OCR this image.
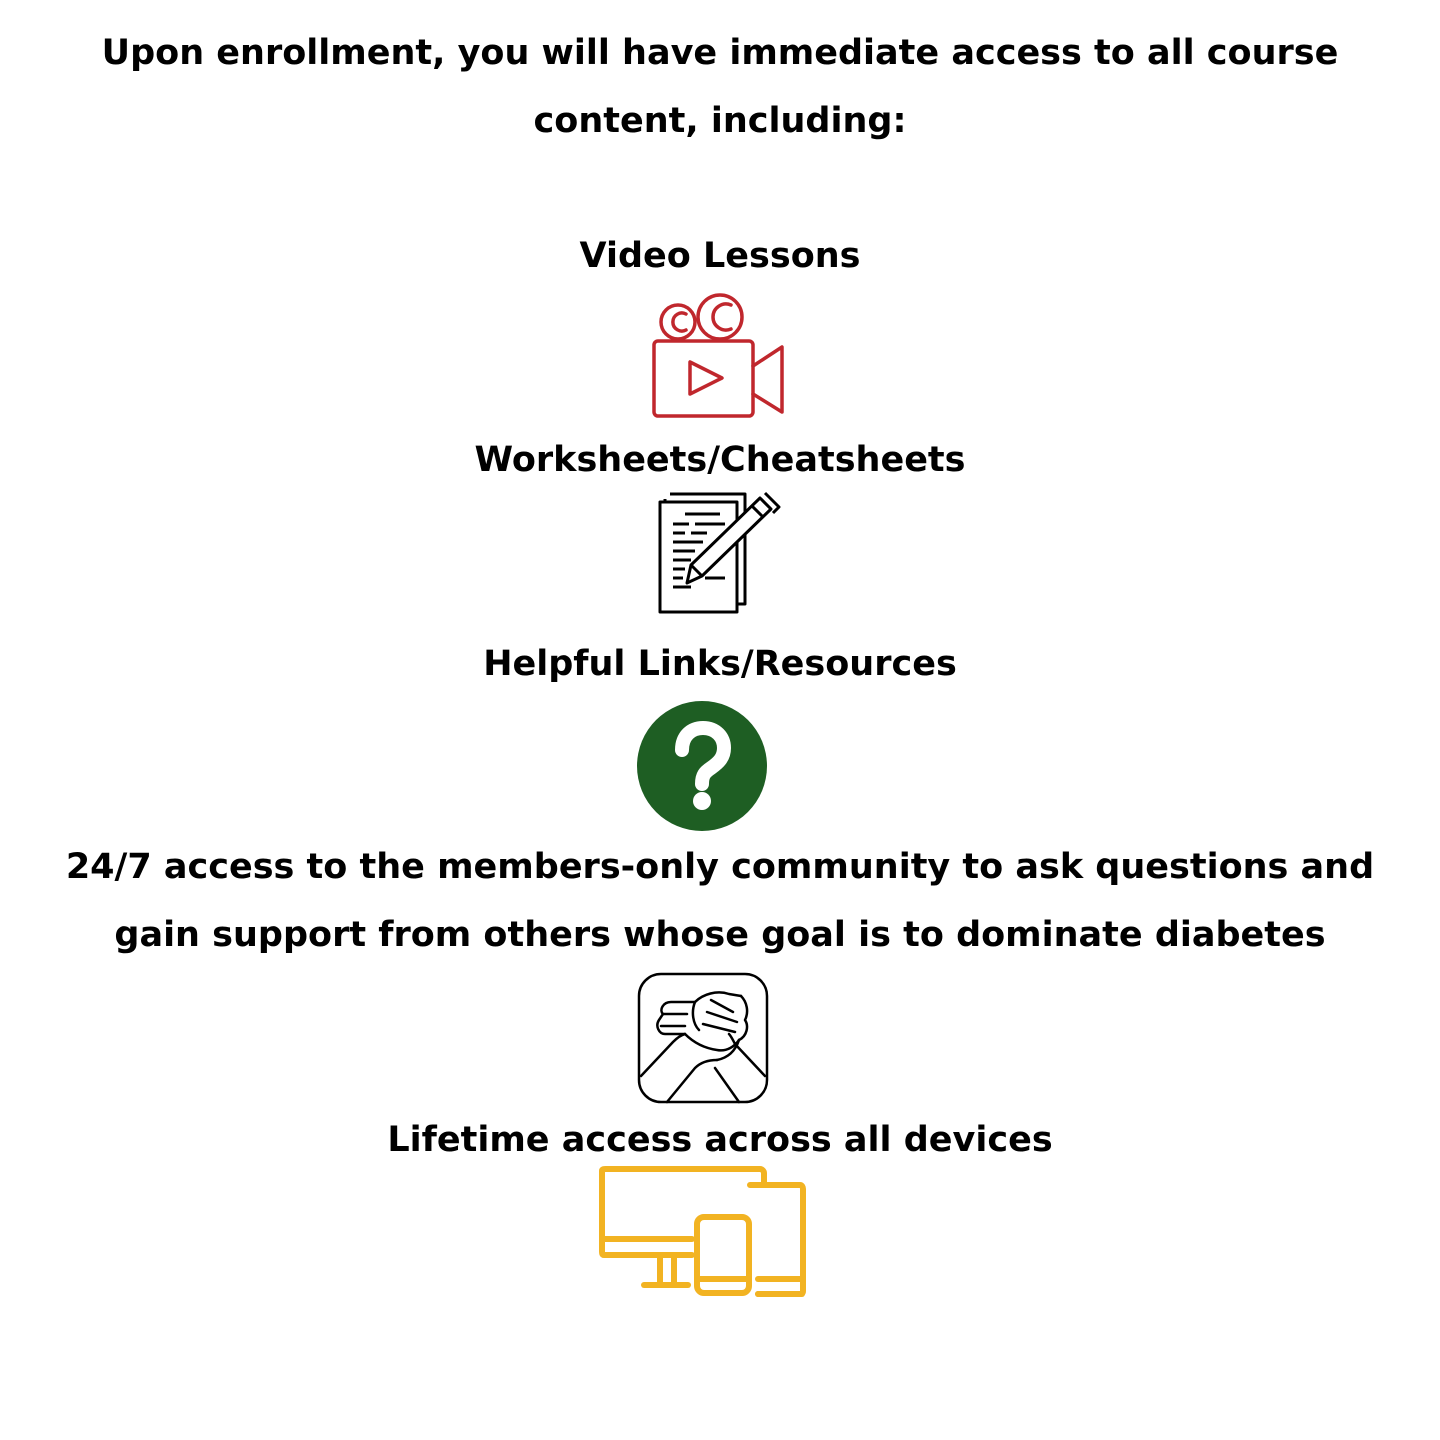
Upon enrollment, you will have immediate access to all course
content, including:
Video Lessons
Worksheets/Cheatsheets
Helpful Links/Resources
24/7 access to the members-only community to ask questions and
gain support from others whose goal is to dominate diabetes
Lifetime access across all devices
